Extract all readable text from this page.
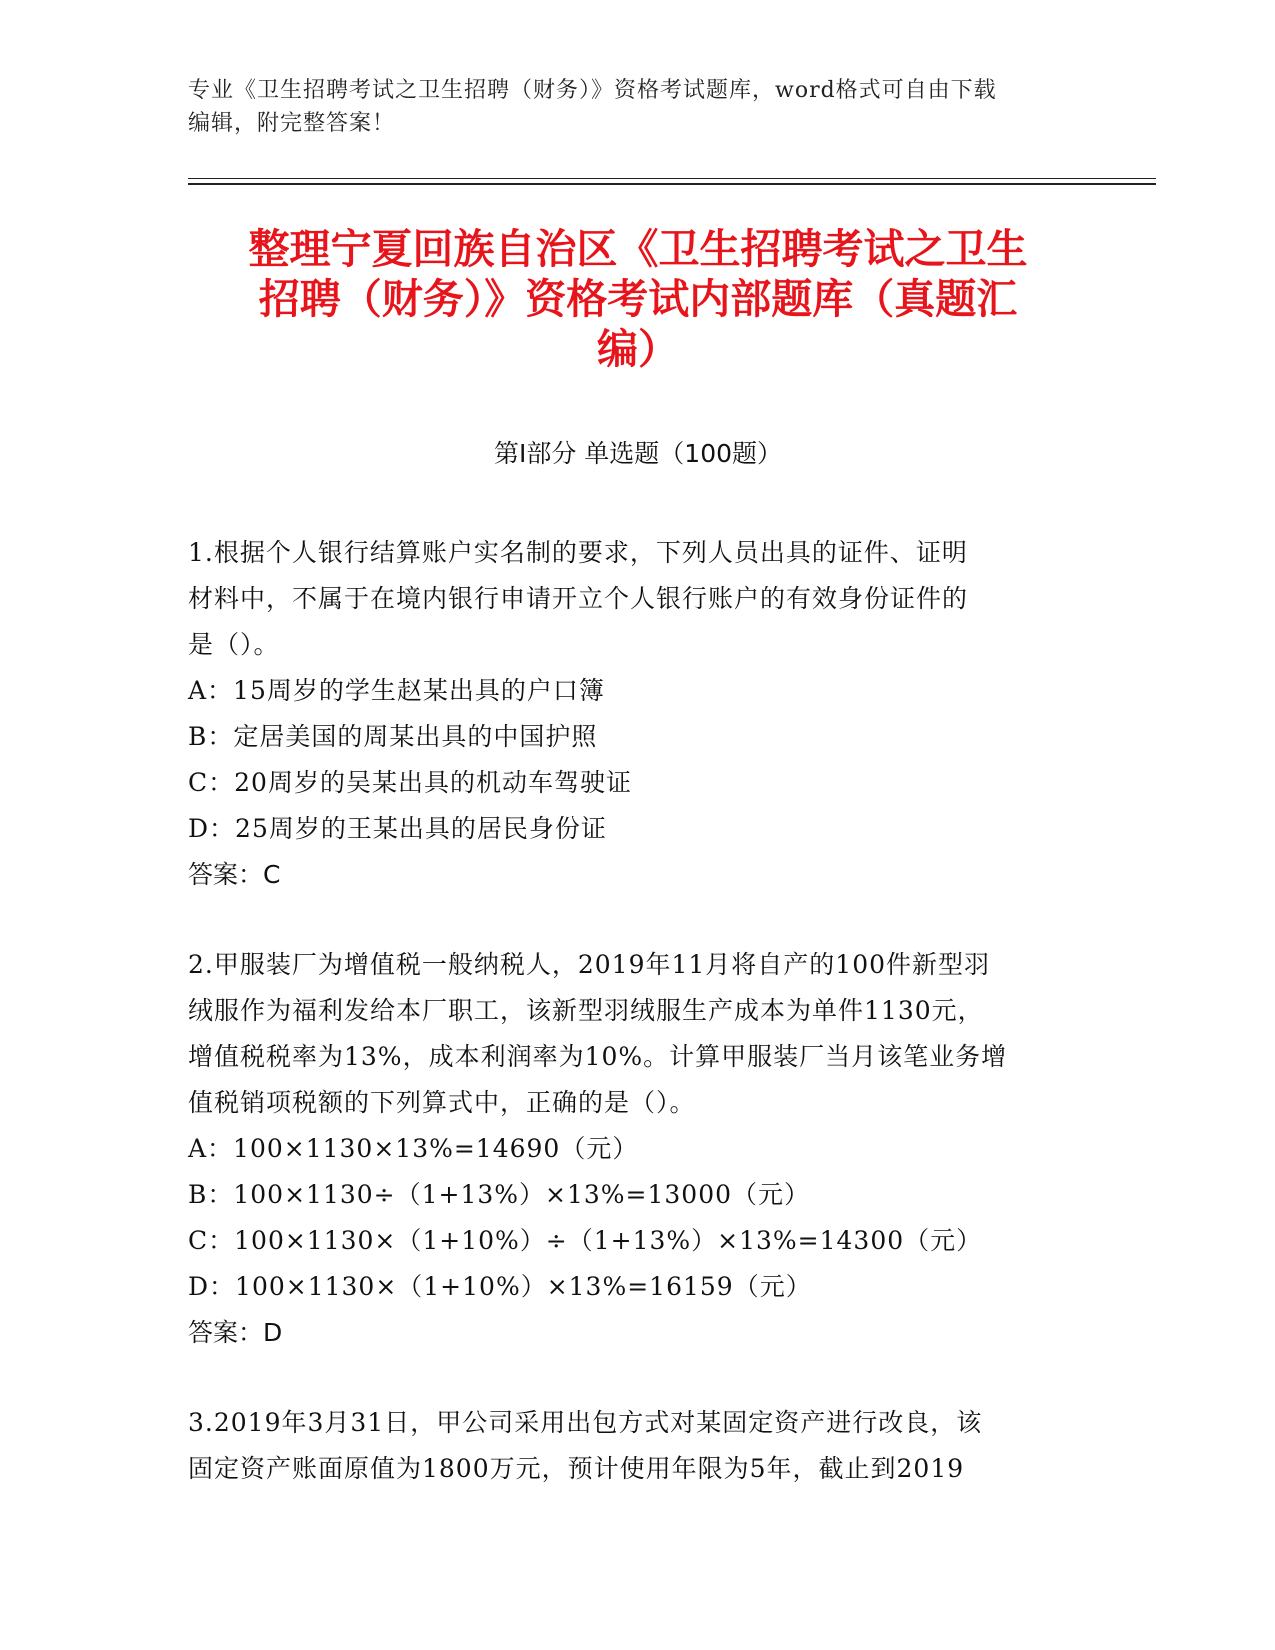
专业《卫生招聘考试之卫生招聘（财务）》资格考试题库，word格式可自由下载
编辑，附完整答案！
整理宁夏回族自治区《卫生招聘考试之卫生
招聘（财务）》资格考试内部题库（真题汇
编）
第Ⅰ部分 单选题（100题）
1.根据个人银行结算账户实名制的要求，下列人员出具的证件、证明
材料中，不属于在境内银行申请开立个人银行账户的有效身份证件的
是（）。
A：15周岁的学生赵某出具的户口簿
B：定居美国的周某出具的中国护照
C：20周岁的吴某出具的机动车驾驶证
D：25周岁的王某出具的居民身份证
答案：C
2.甲服装厂为增值税一般纳税人，2019年11月将自产的100件新型羽
绒服作为福利发给本厂职工，该新型羽绒服生产成本为单件1130元，
增值税税率为13%，成本利润率为10%。计算甲服装厂当月该笔业务增
值税销项税额的下列算式中，正确的是（）。
A：100×1130×13%=14690（元）
B：100×1130÷（1+13%）×13%=13000（元）
C：100×1130×（1+10%）÷（1+13%）×13%=14300（元）
D：100×1130×（1+10%）×13%=16159（元）
答案：D
3.2019年3月31日，甲公司采用出包方式对某固定资产进行改良，该
固定资产账面原值为1800万元，预计使用年限为5年，截止到2019
